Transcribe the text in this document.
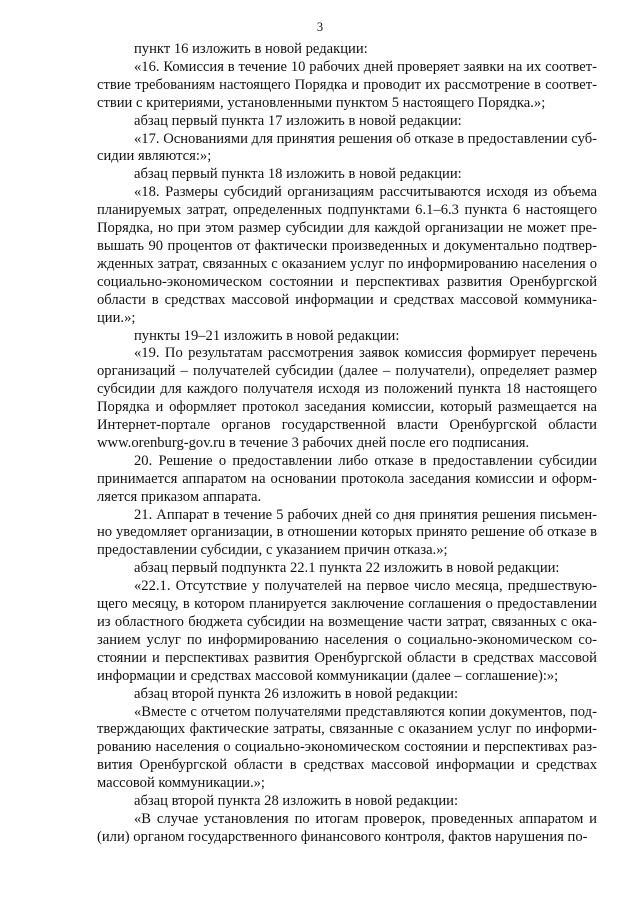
3

пункт 16 изложить в новой редакции:

«16. Комиссия в течение 10 рабочих дней проверяет заявки на их соответствие требованиям настоящего Порядка и проводит их рассмотрение в соответствии с критериями, установленными пунктом 5 настоящего Порядка.»;

абзац первый пункта 17 изложить в новой редакции:

«17. Основаниями для принятия решения об отказе в предоставлении субсидии являются:»;

абзац первый пункта 18 изложить в новой редакции:

«18. Размеры субсидий организациям рассчитываются исходя из объема планируемых затрат, определенных подпунктами 6.1–6.3 пункта 6 настоящего Порядка, но при этом размер субсидии для каждой организации не может превышать 90 процентов от фактически произведенных и документально подтвержденных затрат, связанных с оказанием услуг по информированию населения о социально-экономическом состоянии и перспективах развития Оренбургской области в средствах массовой информации и средствах массовой коммуникации.»;

пункты 19–21 изложить в новой редакции:

«19. По результатам рассмотрения заявок комиссия формирует перечень организаций – получателей субсидии (далее – получатели), определяет размер субсидии для каждого получателя исходя из положений пункта 18 настоящего Порядка и оформляет протокол заседания комиссии, который размещается на Интернет-портале органов государственной власти Оренбургской области www.orenburg-gov.ru в течение 3 рабочих дней после его подписания.

20. Решение о предоставлении либо отказе в предоставлении субсидии принимается аппаратом на основании протокола заседания комиссии и оформляется приказом аппарата.

21. Аппарат в течение 5 рабочих дней со дня принятия решения письменно уведомляет организации, в отношении которых принято решение об отказе в предоставлении субсидии, с указанием причин отказа.»;

абзац первый подпункта 22.1 пункта 22 изложить в новой редакции:

«22.1. Отсутствие у получателей на первое число месяца, предшествующего месяцу, в котором планируется заключение соглашения о предоставлении из областного бюджета субсидии на возмещение части затрат, связанных с оказанием услуг по информированию населения о социально-экономическом состоянии и перспективах развития Оренбургской области в средствах массовой информации и средствах массовой коммуникации (далее – соглашение):»;

абзац второй пункта 26 изложить в новой редакции:

«Вместе с отчетом получателями представляются копии документов, подтверждающих фактические затраты, связанные с оказанием услуг по информированию населения о социально-экономическом состоянии и перспективах развития Оренбургской области в средствах массовой информации и средствах массовой коммуникации.»;

абзац второй пункта 28 изложить в новой редакции:

«В случае установления по итогам проверок, проведенных аппаратом и (или) органом государственного финансового контроля, фактов нарушения по-
